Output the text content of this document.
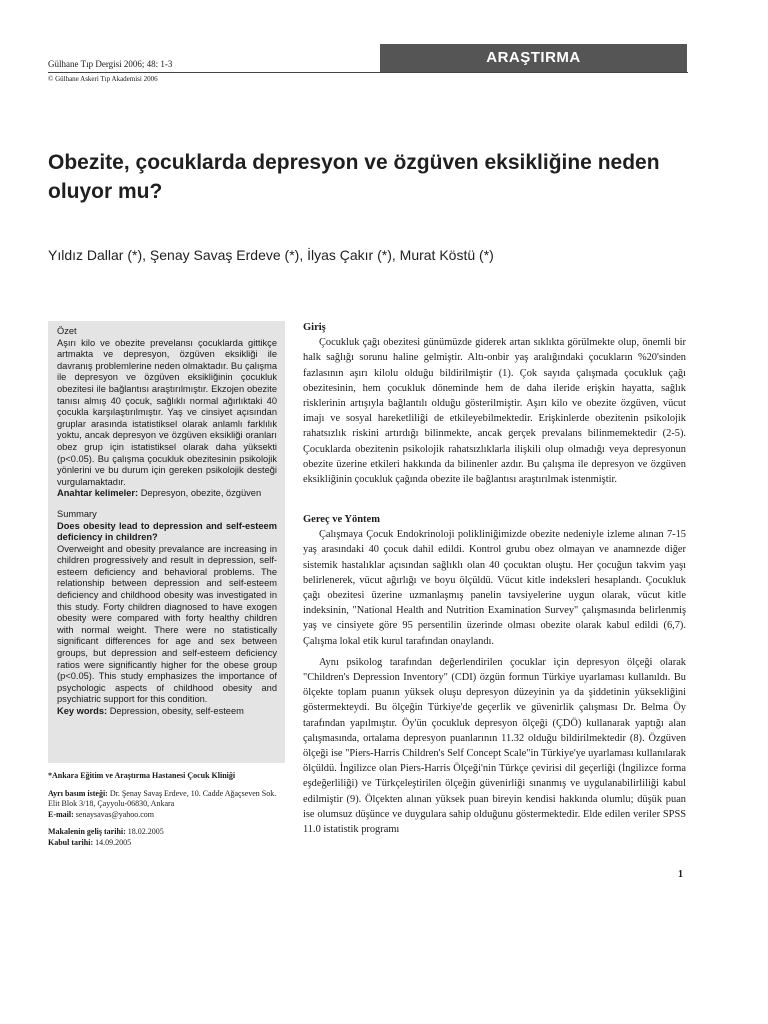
Gülhane Tıp Dergisi 2006; 48: 1-3
© Gülhane Askeri Tıp Akademisi 2006
ARAŞTIRMA
Obezite, çocuklarda depresyon ve özgüven eksikliğine neden oluyor mu?
Yıldız Dallar (*), Şenay Savaş Erdeve (*), İlyas Çakır (*), Murat Köstü (*)

Özet

Aşırı kilo ve obezite prevelansı çocuklarda gittikçe artmakta ve depresyon, özgüven eksikliği ile davranış problemlerine neden olmaktadır. Bu çalışma ile depresyon ve özgüven eksikliğinin çocukluk obezitesi ile bağlantısı araştırılmıştır. Ekzojen obezite tanısı almış 40 çocuk, sağlıklı normal ağırlıktaki 40 çocukla karşılaştırılmıştır. Yaş ve cinsiyet açısından gruplar arasında istatistiksel olarak anlamlı farklılık yoktu, ancak depresyon ve özgüven eksikliği oranları obez grup için istatistiksel olarak daha yüksekti (p<0.05). Bu çalışma çocukluk obezitesinin psikolojik yönlerini ve bu durum için gereken psikolojik desteği vurgulamaktadır.

Anahtar kelimeler: Depresyon, obezite, özgüven

Summary

Does obesity lead to depression and self-esteem deficiency in children?

Overweight and obesity prevalance are increasing in children progressively and result in depression, self-esteem deficiency and behavioral problems. The relationship between depression and self-esteem deficiency and childhood obesity was investigated in this study. Forty children diagnosed to have exogen obesity were compared with forty healthy children with normal weight. There were no statistically significant differences for age and sex between groups, but depression and self-esteem deficiency ratios were significantly higher for the obese group (p<0.05). This study emphasizes the importance of psychologic aspects of childhood obesity and psychiatric support for this condition.

Key words: Depression, obesity, self-esteem

*Ankara Eğitim ve Araştırma Hastanesi Çocuk Kliniği

Ayrı basım isteği: Dr. Şenay Savaş Erdeve, 10. Cadde Ağaçseven Sok. Elit Blok 3/18, Çayyolu-06830, Ankara

E-mail: senaysavas@yahoo.com

Makalenin geliş tarihi: 18.02.2005

Kabul tarihi: 14.09.2005

Giriş

Çocukluk çağı obezitesi günümüzde giderek artan sıklıkta görülmekte olup, önemli bir halk sağlığı sorunu haline gelmiştir. Altı-onbir yaş aralığındaki çocukların %20'sinden fazlasının aşırı kilolu olduğu bildirilmiştir (1). Çok sayıda çalışmada çocukluk çağı obezitesinin, hem çocukluk döneminde hem de daha ileride erişkin hayatta, sağlık risklerinin artışıyla bağlantılı olduğu gösterilmiştir. Aşırı kilo ve obezite özgüven, vücut imajı ve sosyal hareketliliği de etkileyebilmektedir. Erişkinlerde obezitenin psikolojik rahatsızlık riskini artırdığı bilinmekte, ancak gerçek prevalans bilinmemektedir (2-5). Çocuklarda obezitenin psikolojik rahatsızlıklarla ilişkili olup olmadığı veya depresyonun obezite üzerine etkileri hakkında da bilinenler azdır. Bu çalışma ile depresyon ve özgüven eksikliğinin çocukluk çağında obezite ile bağlantısı araştırılmak istenmiştir.

Gereç ve Yöntem

Çalışmaya Çocuk Endokrinoloji polikliniğimizde obezite nedeniyle izleme alınan 7-15 yaş arasındaki 40 çocuk dahil edildi. Kontrol grubu obez olmayan ve anamnezde diğer sistemik hastalıklar açısından sağlıklı olan 40 çocuktan oluştu. Her çocuğun takvim yaşı belirlenerek, vücut ağırlığı ve boyu ölçüldü. Vücut kitle indeksleri hesaplandı. Çocukluk çağı obezitesi üzerine uzmanlaşmış panelin tavsiyelerine uygun olarak, vücut kitle indeksinin, "National Health and Nutrition Examination Survey" çalışmasında belirlenmiş yaş ve cinsiyete göre 95 persentilin üzerinde olması obezite olarak kabul edildi (6,7). Çalışma lokal etik kurul tarafından onaylandı.

Aynı psikolog tarafından değerlendirilen çocuklar için depresyon ölçeği olarak "Children's Depression Inventory" (CDI) özgün formun Türkiye uyarlaması kullanıldı. Bu ölçekte toplam puanın yüksek oluşu depresyon düzeyinin ya da şiddetinin yüksekliğini göstermekteydi. Bu ölçeğin Türkiye'de geçerlik ve güvenirlik çalışması Dr. Belma Öy tarafından yapılmıştır. Öy'ün çocukluk depresyon ölçeği (ÇDÖ) kullanarak yaptığı alan çalışmasında, ortalama depresyon puanlarının 11.32 olduğu bildirilmektedir (8). Özgüven ölçeği ise "Piers-Harris Children's Self Concept Scale"in Türkiye'ye uyarlaması kullanılarak ölçüldü. İngilizce olan Piers-Harris Ölçeği'nin Türkçe çevirisi dil geçerliği (İngilizce forma eşdeğerliliği) ve Türkçeleştirilen ölçeğin güvenirliği sınanmış ve uygulanabilirliliği kabul edilmiştir (9). Ölçekten alınan yüksek puan bireyin kendisi hakkında olumlu; düşük puan ise olumsuz düşünce ve duygulara sahip olduğunu göstermektedir. Elde edilen veriler SPSS 11.0 istatistik programı

1
